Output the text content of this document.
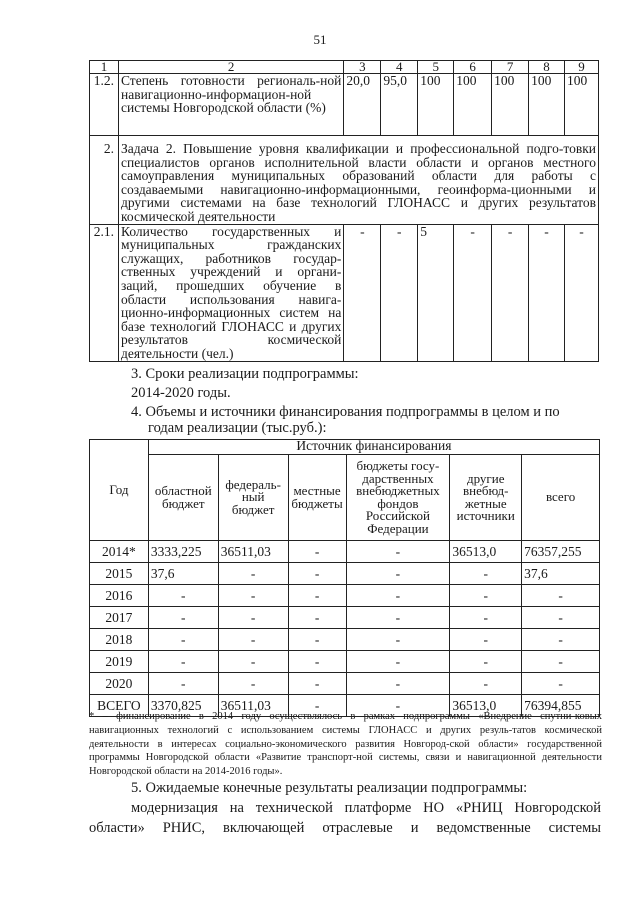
51
1	2	3	4	5	6	7	8	9
1.2.	Степень готовности региональ-ной навигационно-информацион-ной системы Новгородской области (%)	20,0	95,0	100	100	100	100	100
2.	Задача 2. Повышение уровня квалификации и профессиональной подго-товки специалистов органов исполнительной власти области и органов местного самоуправления муниципальных образований области для работы с создаваемыми навигационно-информационными, геоинформа-ционными и другими системами на базе технологий ГЛОНАСС и других результатов космической деятельности							
2.1.	Количество государственных и муниципальных гражданских служащих, работников государ-ственных учреждений и органи-заций, прошедших обучение в области использования навига-ционно-информационных систем на базе технологий ГЛОНАСС и других результатов космической деятельности (чел.)	-	-	5	-	-	-	-
3. Сроки реализации подпрограммы:
2014-2020 годы.
4. Объемы и источники финансирования подпрограммы в целом и по
годам реализации (тыс.руб.):
Год	Источник финансирования					
	областной бюджет	федераль-ный бюджет	местные бюджеты	бюджеты госу-дарственных внебюджетных фондов Российской Федерации	другие внебюд-жетные источники	всего
2014*	3333,225	36511,03	-	-	36513,0	76357,255
2015	37,6	-	-	-	-	37,6
2016	-	-	-	-	-	-
2017	-	-	-	-	-	-
2018	-	-	-	-	-	-
2019	-	-	-	-	-	-
2020	-	-	-	-	-	-
ВСЕГО	3370,825	36511,03	-	-	36513,0	76394,855
* – финансирование в 2014 году осуществлялось в рамках подпрограммы «Внедрение спутни-ковых навигационных технологий с использованием системы ГЛОНАСС и других резуль-татов космической деятельности в интересах социально-экономического развития Новгород-ской области» государственной программы Новгородской области «Развитие транспорт-ной системы, связи и навигационной деятельности Новгородской области на 2014-2016 годы».
5. Ожидаемые конечные результаты реализации подпрограммы:
модернизация на технической платформе НО «РНИЦ Новгородской
области» РНИС, включающей отраслевые и ведомственные системы
